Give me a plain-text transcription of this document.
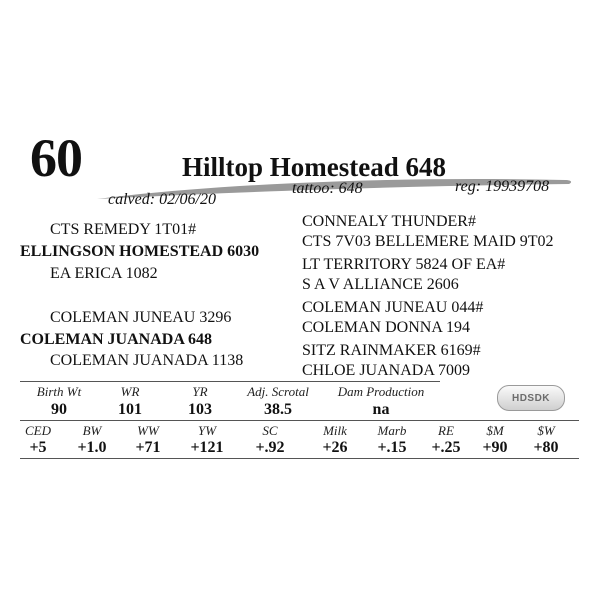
60	Hilltop Homestead 648
calved: 02/06/20
tattoo: 648	reg: 19939708
CTS REMEDY 1T01#
ELLINGSON HOMESTEAD 6030
EA ERICA 1082
COLEMAN JUNEAU 3296
COLEMAN JUANADA 648
COLEMAN JUANADA 1138
CONNEALY THUNDER#
CTS 7V03 BELLEMERE MAID 9T02
LT TERRITORY 5824 OF EA#
S A V ALLIANCE 2606
COLEMAN JUNEAU 044#
COLEMAN DONNA 194
SITZ RAINMAKER 6169#
CHLOE JUANADA 7009
Birth Wt	WR	YR	Adj. Scrotal	Dam Production
90	101	103	38.5	na
HDSDK
CED	BW	WW	YW	SC	Milk	Marb	RE	$M	$W
+5	+1.0	+71	+121	+.92	+26	+.15	+.25	+90	+80
